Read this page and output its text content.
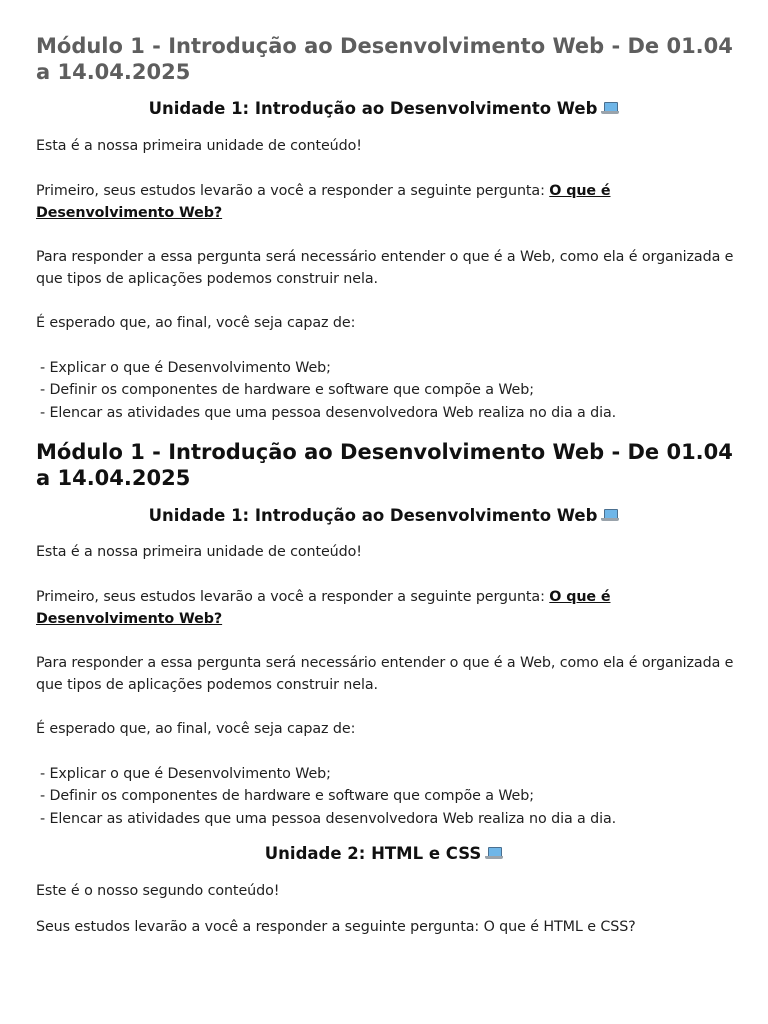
Módulo 1 - Introdução ao Desenvolvimento Web - De 01.04 a 14.04.2025
Unidade 1: Introdução ao Desenvolvimento Web

Esta é a nossa primeira unidade de conteúdo!

Primeiro, seus estudos levarão a você a responder a seguinte pergunta: O que é Desenvolvimento Web?

Para responder a essa pergunta será necessário entender o que é a Web, como ela é organizada e que tipos de aplicações podemos construir nela.

É esperado que, ao final, você seja capaz de:

- Explicar o que é Desenvolvimento Web;
- Definir os componentes de hardware e software que compõe a Web;
- Elencar as atividades que uma pessoa desenvolvedora Web realiza no dia a dia.
Módulo 1 - Introdução ao Desenvolvimento Web - De 01.04 a 14.04.2025
Unidade 1: Introdução ao Desenvolvimento Web

Esta é a nossa primeira unidade de conteúdo!

Primeiro, seus estudos levarão a você a responder a seguinte pergunta: O que é Desenvolvimento Web?

Para responder a essa pergunta será necessário entender o que é a Web, como ela é organizada e que tipos de aplicações podemos construir nela.

É esperado que, ao final, você seja capaz de:

- Explicar o que é Desenvolvimento Web;
- Definir os componentes de hardware e software que compõe a Web;
- Elencar as atividades que uma pessoa desenvolvedora Web realiza no dia a dia.
Unidade 2: HTML e CSS

Este é o nosso segundo conteúdo!

Seus estudos levarão a você a responder a seguinte pergunta: O que é HTML e CSS?
